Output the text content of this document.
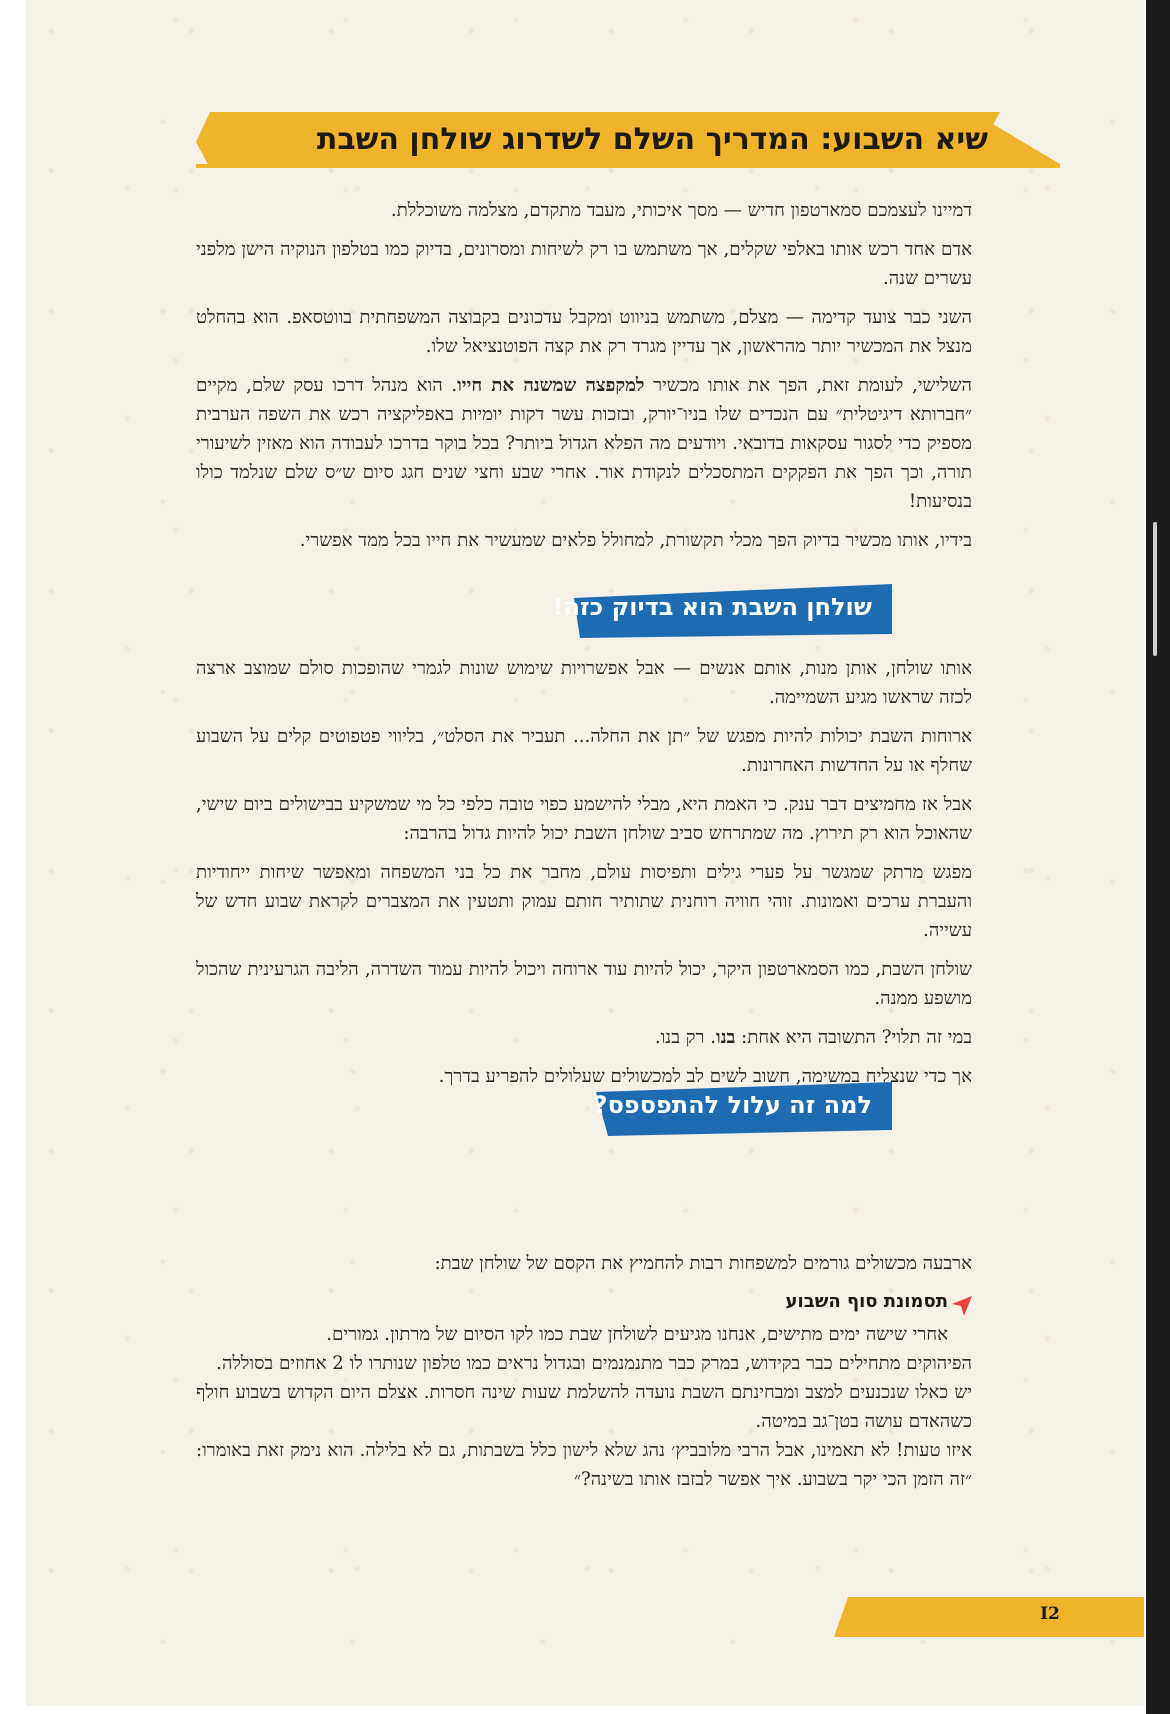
שיא השבוע: המדריך השלם לשדרוג שולחן השבת

דמיינו לעצמכם סמארטפון חדיש — מסך איכותי, מעבד מתקדם, מצלמה משוכללת.

אדם אחד רכש אותו באלפי שקלים, אך משתמש בו רק לשיחות ומסרונים, בדיוק כמו בטלפון הנוקיה הישן מלפני עשרים שנה.

השני כבר צועד קדימה — מצלם, משתמש בניווט ומקבל עדכונים בקבוצה המשפחתית בווטסאפ. הוא בהחלט מנצל את המכשיר יותר מהראשון, אך עדיין מגרד רק את קצה הפוטנציאל שלו.

השלישי, לעומת זאת, הפך את אותו מכשיר למקפצה שמשנה את חייו. הוא מנהל דרכו עסק שלם, מקיים ״חברותא דיגיטלית״ עם הנכדים שלו בניו־יורק, ובזכות עשר דקות יומיות באפליקציה רכש את השפה הערבית מספיק כדי לסגור עסקאות בדובאי. ויודעים מה הפלא הגדול ביותר? בכל בוקר בדרכו לעבודה הוא מאזין לשיעורי תורה, וכך הפך את הפקקים המתסכלים לנקודת אור. אחרי שבע וחצי שנים חגג סיום ש״ס שלם שנלמד כולו בנסיעות!

בידיו, אותו מכשיר בדיוק הפך מכלי תקשורת, למחולל פלאים שמעשיר את חייו בכל ממד אפשרי.

שולחן השבת הוא בדיוק כזה!

אותו שולחן, אותן מנות, אותם אנשים — אבל אפשרויות שימוש שונות לגמרי שהופכות סולם שמוצב ארצה לכזה שראשו מגיע השמיימה.

ארוחות השבת יכולות להיות מפגש של ״תן את החלה... תעביר את הסלט״, בליווי פטפוטים קלים על השבוע שחלף או על החדשות האחרונות.

אבל אז מחמיצים דבר ענק. כי האמת היא, מבלי להישמע כפוי טובה כלפי כל מי שמשקיע בבישולים ביום שישי, שהאוכל הוא רק תירוץ. מה שמתרחש סביב שולחן השבת יכול להיות גדול בהרבה:

מפגש מרתק שמגשר על פערי גילים ותפיסות עולם, מחבר את כל בני המשפחה ומאפשר שיחות ייחודיות והעברת ערכים ואמונות. זוהי חוויה רוחנית שתותיר חותם עמוק ותטעין את המצברים לקראת שבוע חדש של עשייה.

שולחן השבת, כמו הסמארטפון היקר, יכול להיות עוד ארוחה ויכול להיות עמוד השדרה, הליבה הגרעינית שהכול מושפע ממנה.

במי זה תלוי? התשובה היא אחת: בנו. רק בנו.

אך כדי שנצליח במשימה, חשוב לשים לב למכשולים שעלולים להפריע בדרך.

למה זה עלול להתפספס?

ארבעה מכשולים גורמים למשפחות רבות להחמיץ את הקסם של שולחן שבת:

תסמונת סוף השבוע

אחרי שישה ימים מתישים, אנחנו מגיעים לשולחן שבת כמו לקו הסיום של מרתון. גמורים.

הפיהוקים מתחילים כבר בקידוש, במרק כבר מתנמנמים ובגדול נראים כמו טלפון שנותרו לו 2 אחוזים בסוללה.

יש כאלו שנכנעים למצב ומבחינתם השבת נועדה להשלמת שעות שינה חסרות. אצלם היום הקדוש בשבוע חולף כשהאדם עושה בטן־גב במיטה.

איזו טעות! לא תאמינו, אבל הרבי מלובביץ׳ נהג שלא לישון כלל בשבתות, גם לא בלילה. הוא נימק זאת באומרו: ״זה הזמן הכי יקר בשבוע. איך אפשר לבזבז אותו בשינה?״

I2
